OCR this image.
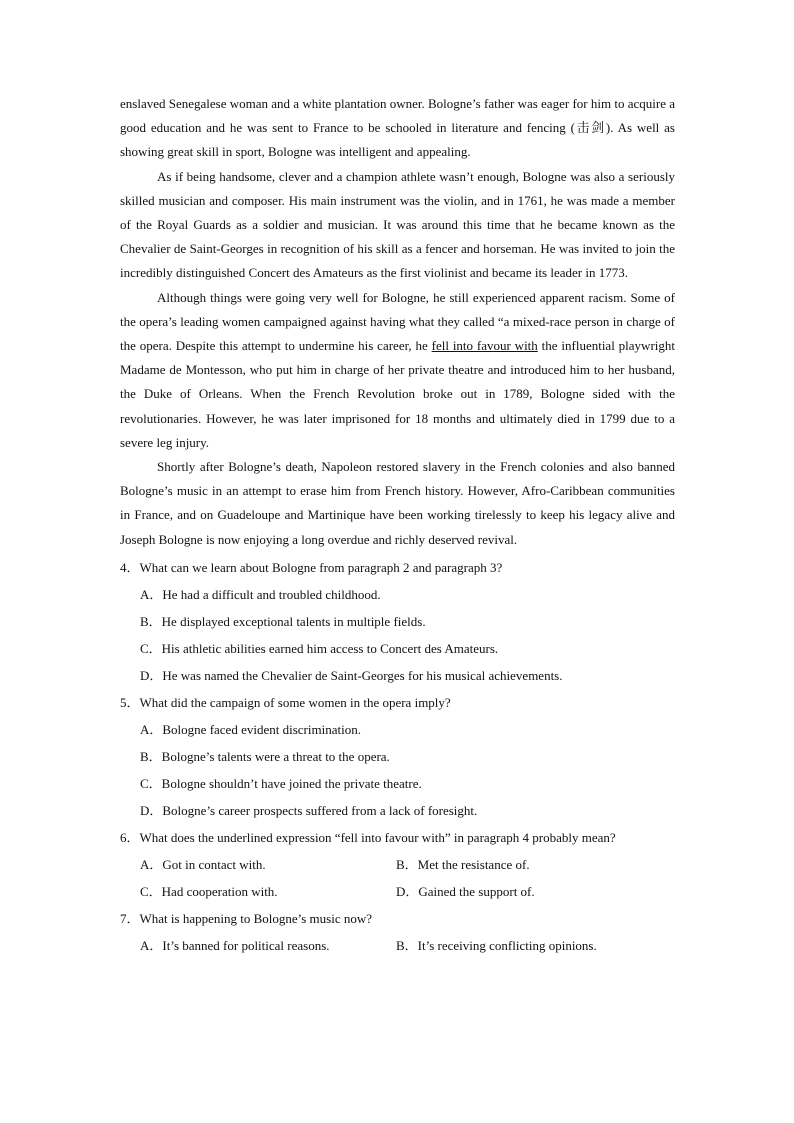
enslaved Senegalese woman and a white plantation owner. Bologne’s father was eager for him to acquire a good education and he was sent to France to be schooled in literature and fencing (击剑). As well as showing great skill in sport, Bologne was intelligent and appealing.

As if being handsome, clever and a champion athlete wasn’t enough, Bologne was also a seriously skilled musician and composer. His main instrument was the violin, and in 1761, he was made a member of the Royal Guards as a soldier and musician. It was around this time that he became known as the Chevalier de Saint-Georges in recognition of his skill as a fencer and horseman. He was invited to join the incredibly distinguished Concert des Amateurs as the first violinist and became its leader in 1773.

Although things were going very well for Bologne, he still experienced apparent racism. Some of the opera’s leading women campaigned against having what they called “a mixed-race person in charge of the opera. Despite this attempt to undermine his career, he fell into favour with the influential playwright Madame de Montesson, who put him in charge of her private theatre and introduced him to her husband, the Duke of Orleans. When the French Revolution broke out in 1789, Bologne sided with the revolutionaries. However, he was later imprisoned for 18 months and ultimately died in 1799 due to a severe leg injury.

Shortly after Bologne’s death, Napoleon restored slavery in the French colonies and also banned Bologne’s music in an attempt to erase him from French history. However, Afro-Caribbean communities in France, and on Guadeloupe and Martinique have been working tirelessly to keep his legacy alive and Joseph Bologne is now enjoying a long overdue and richly deserved revival.

4．What can we learn about Bologne from paragraph 2 and paragraph 3?

A．He had a difficult and troubled childhood.

B．He displayed exceptional talents in multiple fields.

C．His athletic abilities earned him access to Concert des Amateurs.

D．He was named the Chevalier de Saint-Georges for his musical achievements.

5．What did the campaign of some women in the opera imply?

A．Bologne faced evident discrimination.

B．Bologne’s talents were a threat to the opera.

C．Bologne shouldn’t have joined the private theatre.

D．Bologne’s career prospects suffered from a lack of foresight.

6．What does the underlined expression “fell into favour with” in paragraph 4 probably mean?

A．Got in contact with.	B．Met the resistance of.
C．Had cooperation with.	D．Gained the support of.

7．What is happening to Bologne’s music now?

A．It’s banned for political reasons.	B．It’s receiving conflicting opinions.
